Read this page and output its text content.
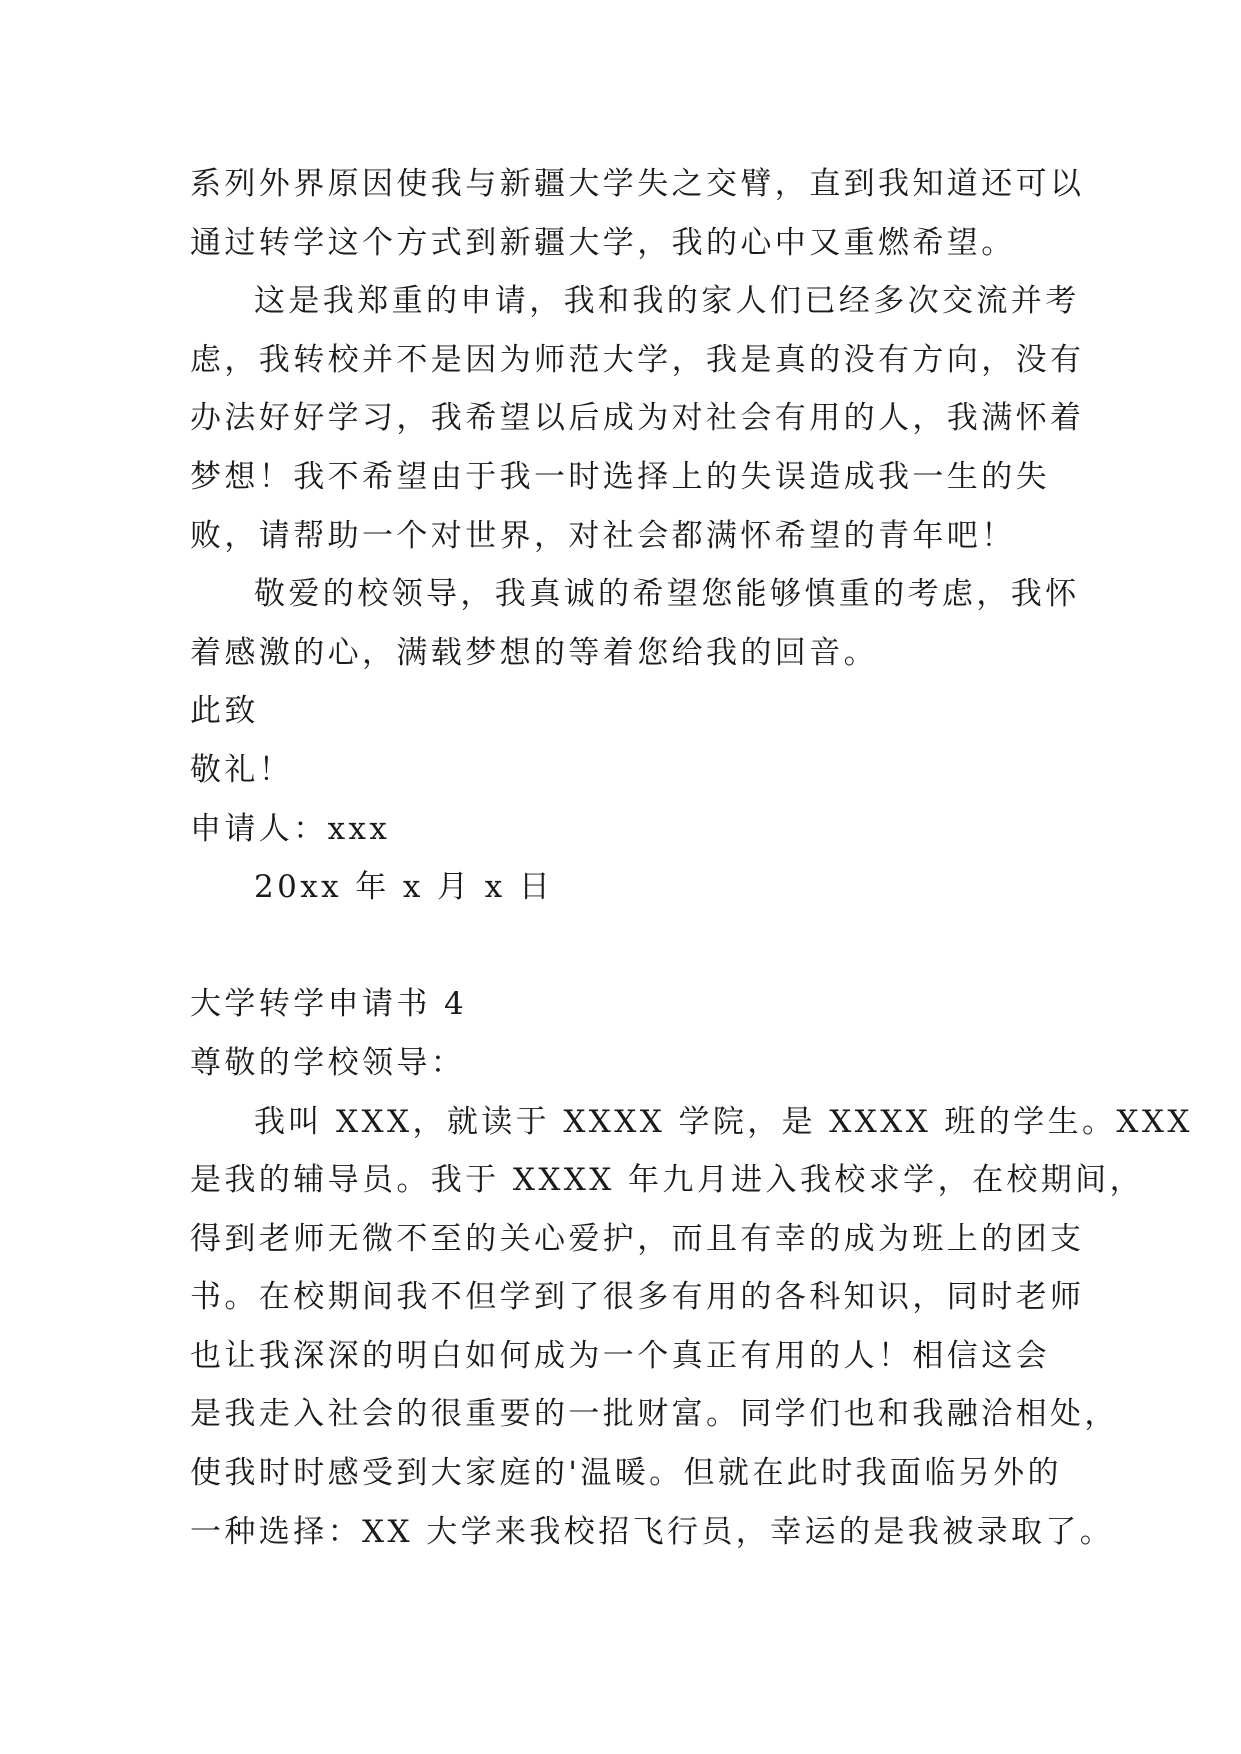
系列外界原因使我与新疆大学失之交臂，直到我知道还可以
通过转学这个方式到新疆大学，我的心中又重燃希望。
这是我郑重的申请，我和我的家人们已经多次交流并考
虑，我转校并不是因为师范大学，我是真的没有方向，没有
办法好好学习，我希望以后成为对社会有用的人，我满怀着
梦想！我不希望由于我一时选择上的失误造成我一生的失
败，请帮助一个对世界，对社会都满怀希望的青年吧！
敬爱的校领导，我真诚的希望您能够慎重的考虑，我怀
着感激的心，满载梦想的等着您给我的回音。
此致
敬礼！
申请人：xxx
20xx 年 x 月 x 日
大学转学申请书 4
尊敬的学校领导：
我叫 XXX，就读于 XXXX 学院，是 XXXX 班的学生。XXX
是我的辅导员。我于 XXXX 年九月进入我校求学，在校期间，
得到老师无微不至的关心爱护，而且有幸的成为班上的团支
书。在校期间我不但学到了很多有用的各科知识，同时老师
也让我深深的明白如何成为一个真正有用的人！相信这会
是我走入社会的很重要的一批财富。同学们也和我融洽相处，
使我时时感受到大家庭的'温暖。但就在此时我面临另外的
一种选择：XX 大学来我校招飞行员，幸运的是我被录取了。
